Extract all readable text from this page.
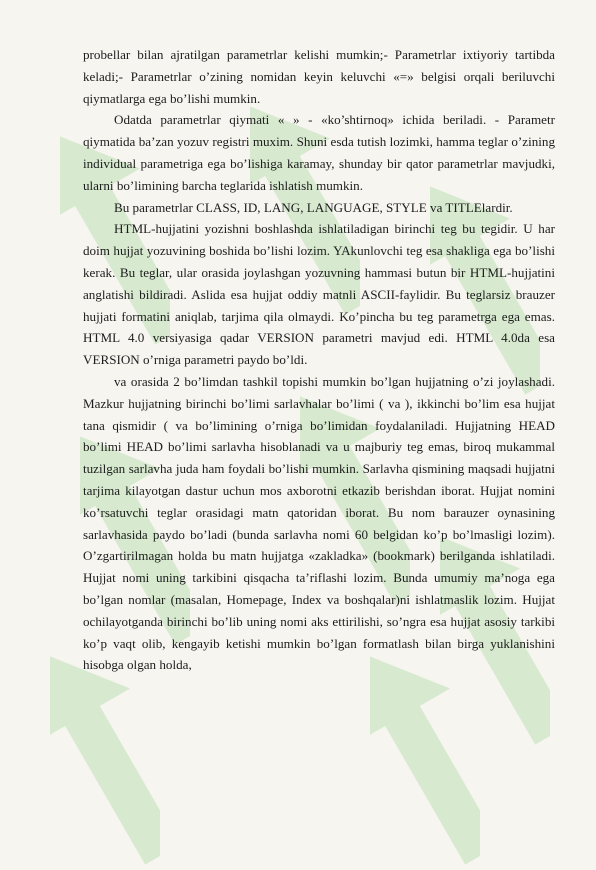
probellar bilan ajratilgan parametrlar kelishi mumkin;- Parametrlar ixtiyoriy tartibda keladi;- Parametrlar o’zining nomidan keyin keluvchi «=» belgisi orqali beriluvchi qiymatlarga ega bo’lishi mumkin.

Odatda parametrlar qiymati « » - «ko’shtirnoq» ichida beriladi. - Parametr qiymatida ba’zan yozuv registri muxim. Shuni esda tutish lozimki, hamma teglar o’zining individual parametriga ega bo’lishiga karamay, shunday bir qator parametrlar mavjudki, ularni bo’limining barcha teglarida ishlatish mumkin.

Bu parametrlar CLASS, ID, LANG, LANGUAGE, STYLE va TITLElardir.

HTML-hujjatini yozishni boshlashda ishlatiladigan birinchi teg bu tegidir. U har doim hujjat yozuvining boshida bo’lishi lozim. YAkunlovchi teg esa shakliga ega bo’lishi kerak. Bu teglar, ular orasida joylashgan yozuvning hammasi butun bir HTML-hujjatini anglatishi bildiradi. Aslida esa hujjat oddiy matnli ASCII-faylidir. Bu teglarsiz brauzer hujjati formatini aniqlab, tarjima qila olmaydi. Ko’pincha bu teg parametrga ega emas. HTML 4.0 versiyasiga qadar VERSION parametri mavjud edi. HTML 4.0da esa VERSION o’rniga parametri paydo bo’ldi.

va orasida 2 bo’limdan tashkil topishi mumkin bo’lgan hujjatning o’zi joylashadi. Mazkur hujjatning birinchi bo’limi sarlavhalar bo’limi ( va ), ikkinchi bo’lim esa hujjat tana qismidir ( va bo’limining o’rniga bo’limidan foydalaniladi. Hujjatning HEAD bo’limi HEAD bo’limi sarlavha hisoblanadi va u majburiy teg emas, biroq mukammal tuzilgan sarlavha juda ham foydali bo’lishi mumkin. Sarlavha qismining maqsadi hujjatni tarjima kilayotgan dastur uchun mos axborotni etkazib berishdan iborat. Hujjat nomini ko’rsatuvchi teglar orasidagi matn qatoridan iborat. Bu nom barauzer oynasining sarlavhasida paydo bo’ladi (bunda sarlavha nomi 60 belgidan ko’p bo’lmasligi lozim). O’zgartirilmagan holda bu matn hujjatga «zakladka» (bookmark) berilganda ishlatiladi. Hujjat nomi uning tarkibini qisqacha ta’riflashi lozim. Bunda umumiy ma’noga ega bo’lgan nomlar (masalan, Homepage, Index va boshqalar)ni ishlatmaslik lozim. Hujjat ochilayotganda birinchi bo’lib uning nomi aks ettirilishi, so’ngra esa hujjat asosiy tarkibi ko’p vaqt olib, kengayib ketishi mumkin bo’lgan formatlash bilan birga yuklanishini hisobga olgan holda,
